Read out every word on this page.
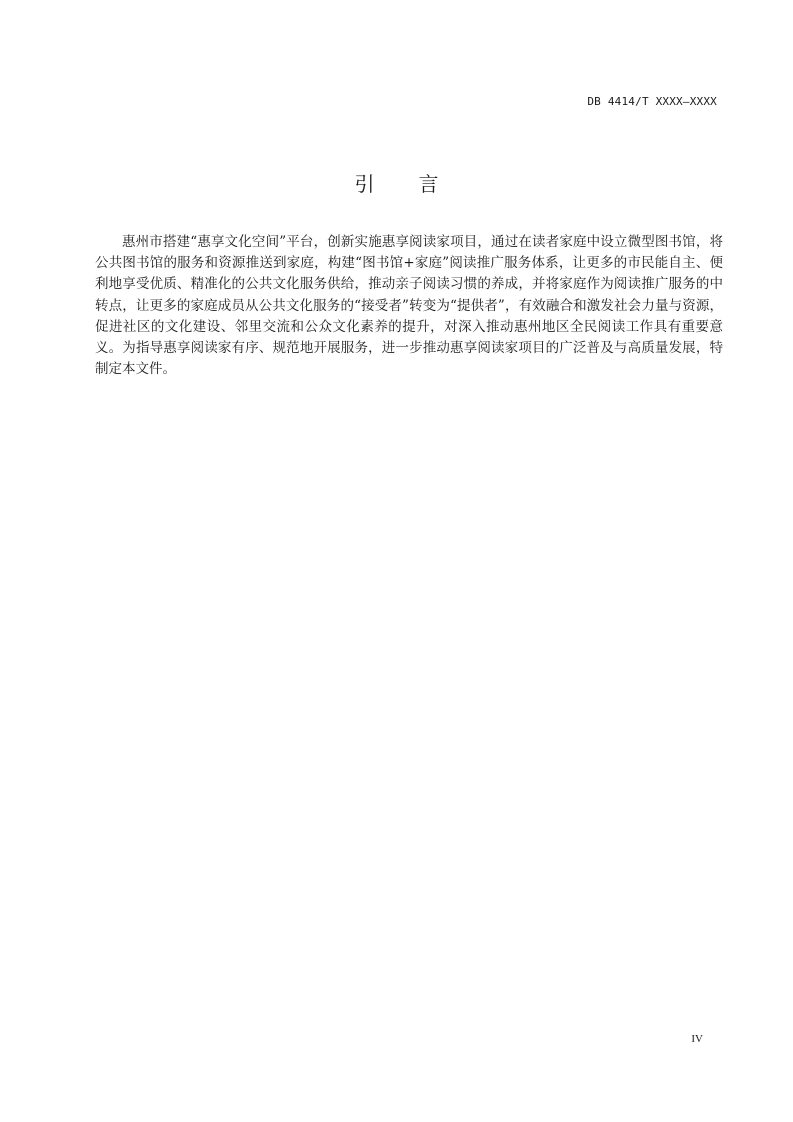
DB 4414/T XXXX—XXXX
引 言

惠州市搭建“惠享文化空间”平台，创新实施惠享阅读家项目，通过在读者家庭中设立微型图书馆，将公共图书馆的服务和资源推送到家庭，构建“图书馆+家庭”阅读推广服务体系，让更多的市民能自主、便利地享受优质、精准化的公共文化服务供给，推动亲子阅读习惯的养成，并将家庭作为阅读推广服务的中转点，让更多的家庭成员从公共文化服务的“接受者”转变为“提供者”，有效融合和激发社会力量与资源，促进社区的文化建设、邻里交流和公众文化素养的提升，对深入推动惠州地区全民阅读工作具有重要意义。为指导惠享阅读家有序、规范地开展服务，进一步推动惠享阅读家项目的广泛普及与高质量发展，特制定本文件。

IV
